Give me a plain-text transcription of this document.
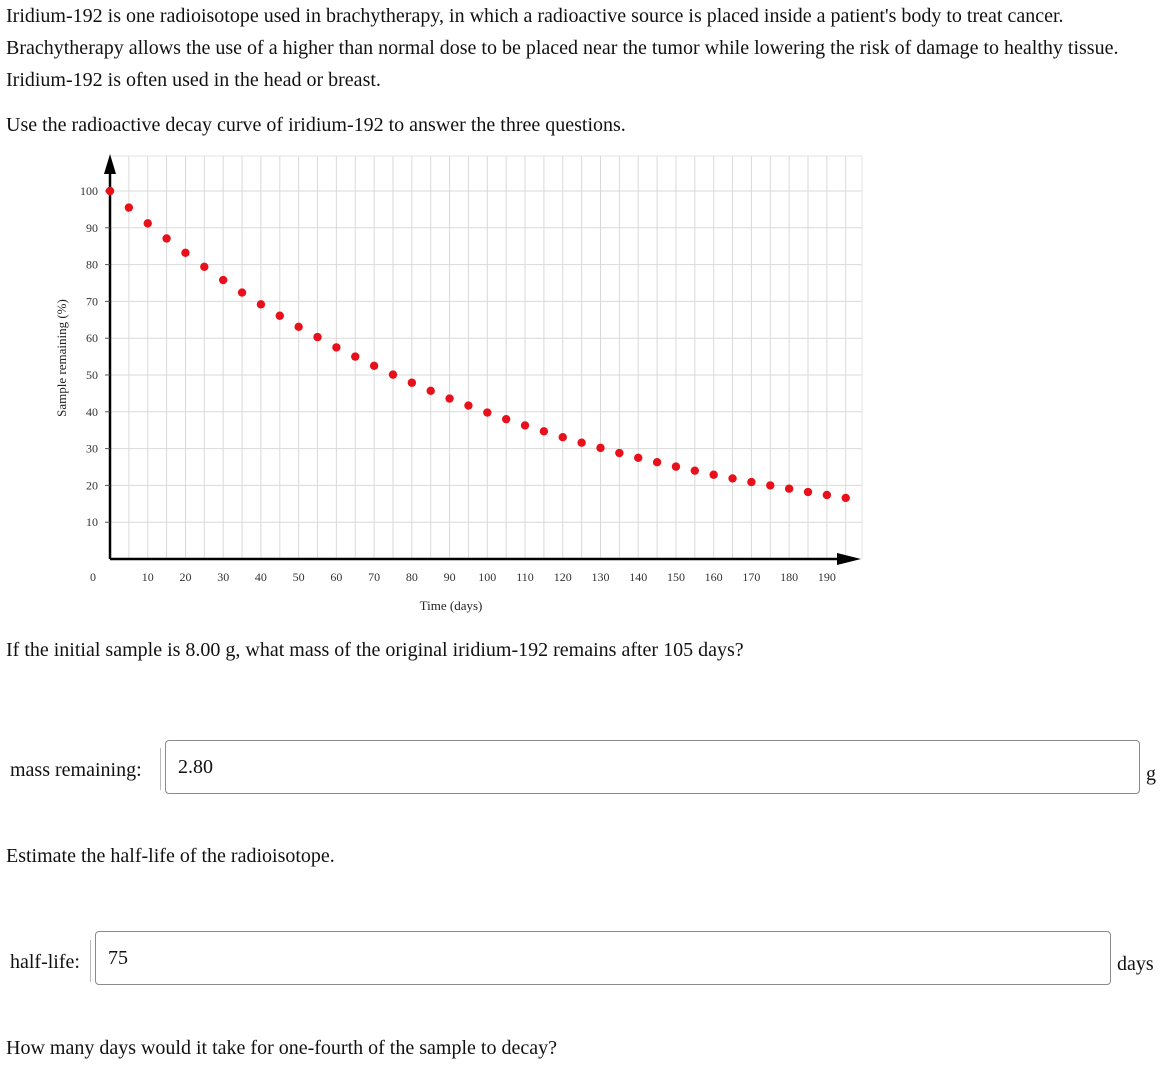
Iridium-192 is one radioisotope used in brachytherapy, in which a radioactive source is placed inside a patient's body to treat cancer. Brachytherapy allows the use of a higher than normal dose to be placed near the tumor while lowering the risk of damage to healthy tissue. Iridium-192 is often used in the head or breast.

Use the radioactive decay curve of iridium-192 to answer the three questions.

10
20
30
40
50
60
70
80
90
100
10 20 30 40 50 60 70 80 90 100 110 120 130 140 150 160 170 180 190
0
Time (days)
Sample remaining (%)

If the initial sample is 8.00 g, what mass of the original iridium-192 remains after 105 days?

mass remaining:
2.80	g

Estimate the half-life of the radioisotope.

half-life:
75	days

How many days would it take for one-fourth of the sample to decay?
